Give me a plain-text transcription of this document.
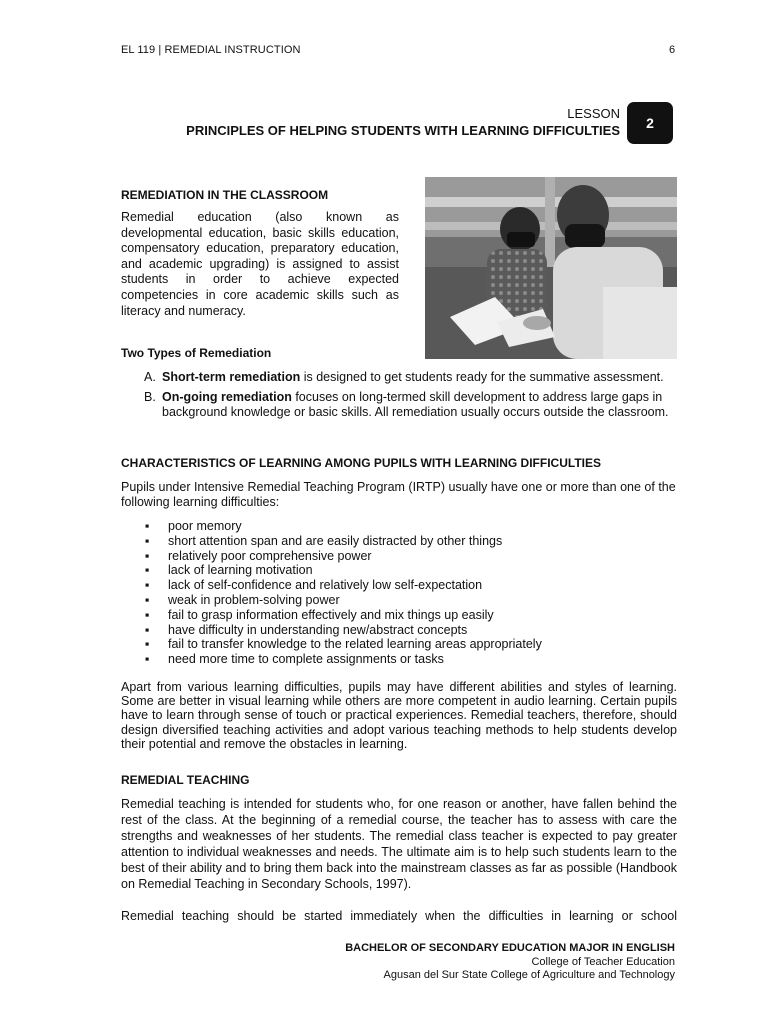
EL 119 | REMEDIAL INSTRUCTION	6
LESSON
PRINCIPLES OF HELPING STUDENTS WITH LEARNING DIFFICULTIES	2
REMEDIATION IN THE CLASSROOM
Remedial education (also known as developmental education, basic skills education, compensatory education, preparatory education, and academic upgrading) is assigned to assist students in order to achieve expected competencies in core academic skills such as literacy and numeracy.
Two Types of Remediation
A. Short-term remediation is designed to get students ready for the summative assessment.
B. On-going remediation focuses on long-termed skill development to address large gaps in background knowledge or basic skills. All remediation usually occurs outside the classroom.
CHARACTERISTICS OF LEARNING AMONG PUPILS WITH LEARNING DIFFICULTIES
Pupils under Intensive Remedial Teaching Program (IRTP) usually have one or more than one of the following learning difficulties:
▪ poor memory
▪ short attention span and are easily distracted by other things
▪ relatively poor comprehensive power
▪ lack of learning motivation
▪ lack of self-confidence and relatively low self-expectation
▪ weak in problem-solving power
▪ fail to grasp information effectively and mix things up easily
▪ have difficulty in understanding new/abstract concepts
▪ fail to transfer knowledge to the related learning areas appropriately
▪ need more time to complete assignments or tasks
Apart from various learning difficulties, pupils may have different abilities and styles of learning. Some are better in visual learning while others are more competent in audio learning. Certain pupils have to learn through sense of touch or practical experiences. Remedial teachers, therefore, should design diversified teaching activities and adopt various teaching methods to help students develop their potential and remove the obstacles in learning.
REMEDIAL TEACHING
Remedial teaching is intended for students who, for one reason or another, have fallen behind the rest of the class. At the beginning of a remedial course, the teacher has to assess with care the strengths and weaknesses of her students. The remedial class teacher is expected to pay greater attention to individual weaknesses and needs. The ultimate aim is to help such students learn to the best of their ability and to bring them back into the mainstream classes as far as possible (Handbook on Remedial Teaching in Secondary Schools, 1997).
Remedial teaching should be started immediately when the difficulties in learning or school
BACHELOR OF SECONDARY EDUCATION MAJOR IN ENGLISH
College of Teacher Education
Agusan del Sur State College of Agriculture and Technology
